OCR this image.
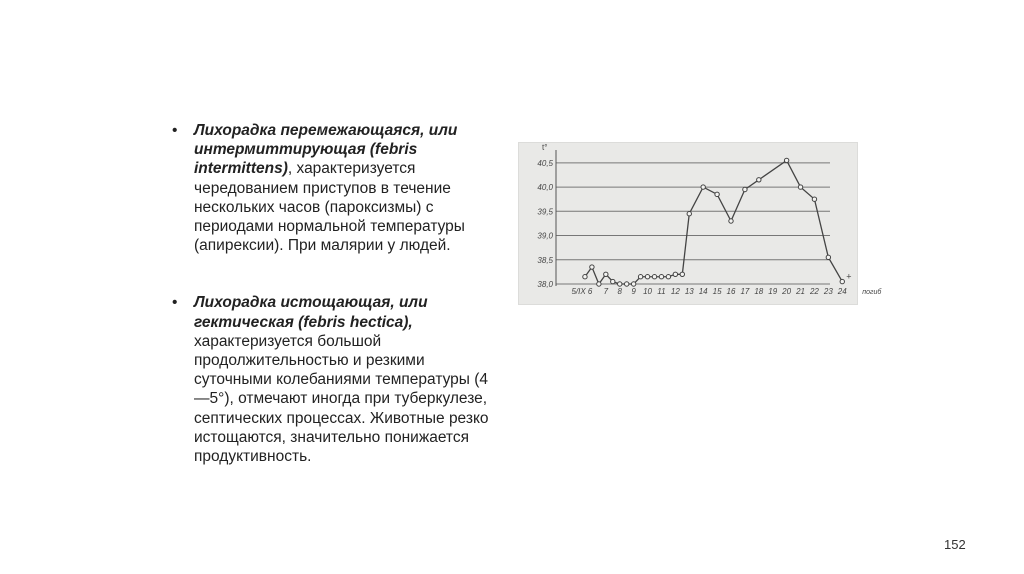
• Лихорадка перемежающаяся, или интермиттирующая (febris intermittens), характеризуется чередованием приступов в течение нескольких часов (пароксизмы) с периодами нормальной температуры (апирексии). При малярии у людей.
• Лихорадка истощающая, или гектическая (febris hectica), характеризуется большой продолжительностью и резкими суточными колебаниями температуры (4—5°), отмечают иногда при туберкулезе, септических процессах. Животные резко истощаются, значительно понижается продуктивность.
38,0
38,5
39,0
39,5
40,0
40,5
t°
5/IX 6 7 8 9 10 11 12 13 14 15 16 17 18 19 20 21 22 23 24 погиб
+
152
